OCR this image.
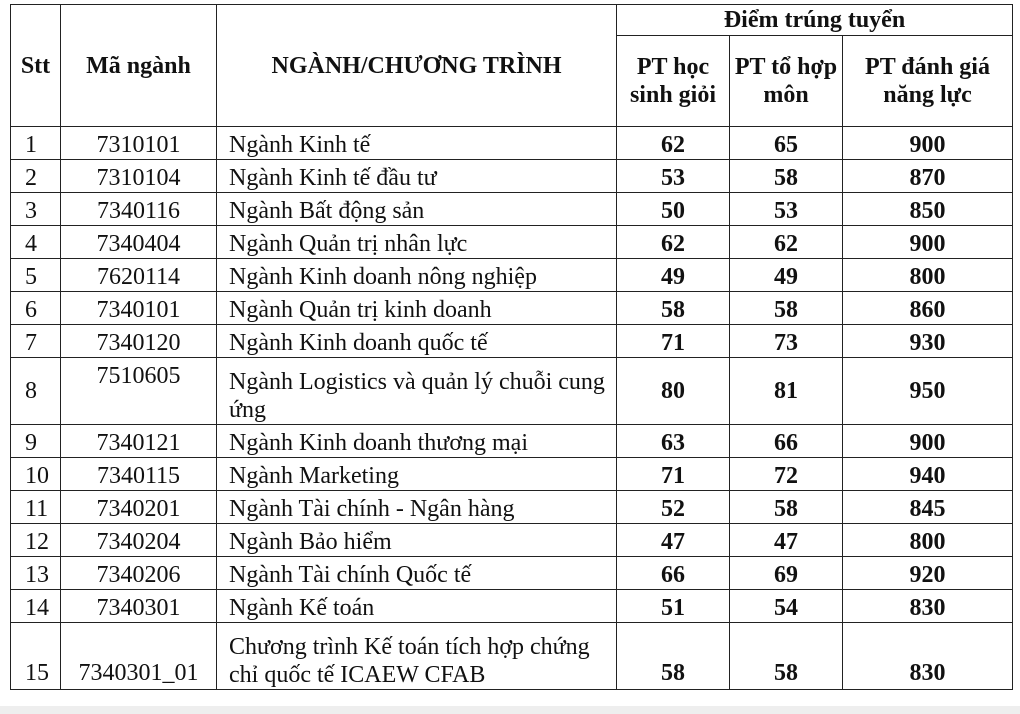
Stt	Mã ngành	NGÀNH/CHƯƠNG TRÌNH	Điểm trúng tuyển		
			PT học sinh giỏi	PT tổ hợp môn	PT đánh giá năng lực
1	7310101	Ngành Kinh tế	62	65	900
2	7310104	Ngành Kinh tế đầu tư	53	58	870
3	7340116	Ngành Bất động sản	50	53	850
4	7340404	Ngành Quản trị nhân lực	62	62	900
5	7620114	Ngành Kinh doanh nông nghiệp	49	49	800
6	7340101	Ngành Quản trị kinh doanh	58	58	860
7	7340120	Ngành Kinh doanh quốc tế	71	73	930
8	7510605	Ngành Logistics và quản lý chuỗi cung ứng	80	81	950
9	7340121	Ngành Kinh doanh thương mại	63	66	900
10	7340115	Ngành Marketing	71	72	940
11	7340201	Ngành Tài chính - Ngân hàng	52	58	845
12	7340204	Ngành Bảo hiểm	47	47	800
13	7340206	Ngành Tài chính Quốc tế	66	69	920
14	7340301	Ngành Kế toán	51	54	830
15	7340301_01	Chương trình Kế toán tích hợp chứng chỉ quốc tế ICAEW CFAB	58	58	830
